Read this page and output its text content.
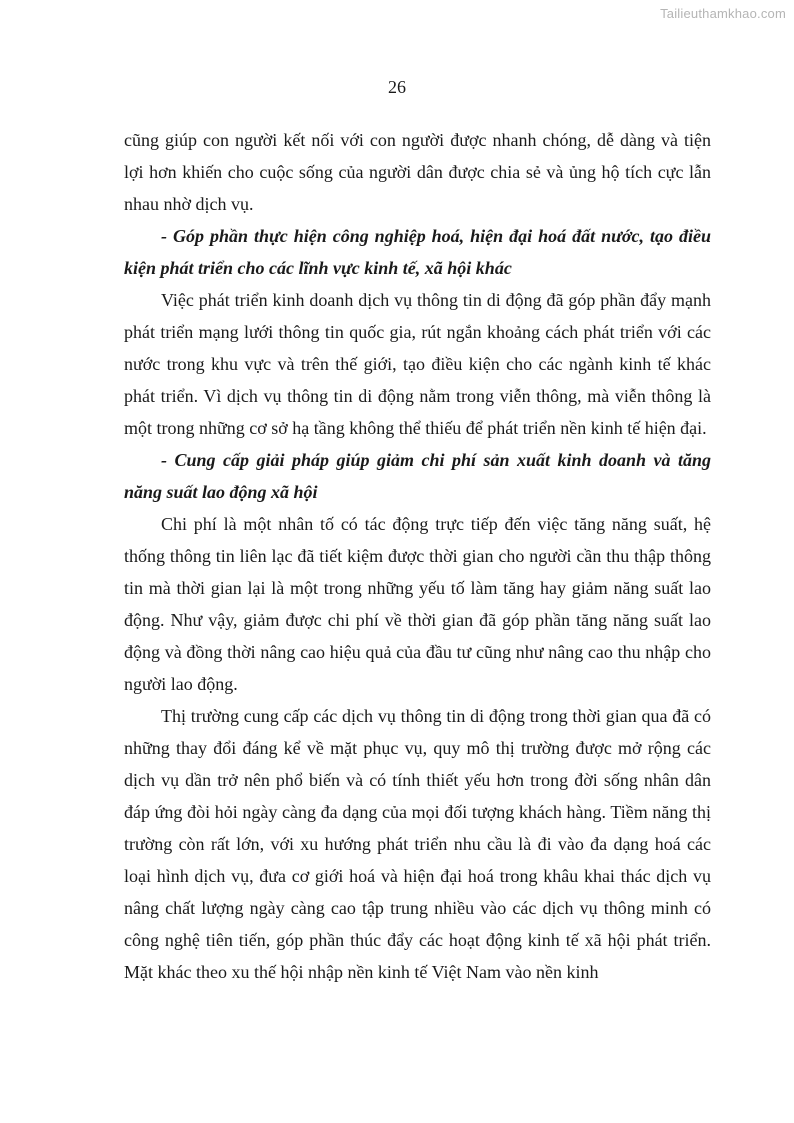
Tailieuthamkhao.com
26

cũng giúp con người kết nối với con người được nhanh chóng, dễ dàng và tiện lợi hơn khiến cho cuộc sống của người dân được chia sẻ và ủng hộ tích cực lẫn nhau nhờ dịch vụ.

- Góp phần thực hiện công nghiệp hoá, hiện đại hoá đất nước, tạo điều kiện phát triển cho các lĩnh vực kinh tế, xã hội khác

Việc phát triển kinh doanh dịch vụ thông tin di động đã góp phần đẩy mạnh phát triển mạng lưới thông tin quốc gia, rút ngắn khoảng cách phát triển với các nước trong khu vực và trên thế giới, tạo điều kiện cho các ngành kinh tế khác phát triển. Vì dịch vụ thông tin di động nằm trong viễn thông, mà viễn thông là một trong những cơ sở hạ tầng không thể thiếu để phát triển nền kinh tế hiện đại.

- Cung cấp giải pháp giúp giảm chi phí sản xuất kinh doanh và tăng năng suất lao động xã hội

Chi phí là một nhân tố có tác động trực tiếp đến việc tăng năng suất, hệ thống thông tin liên lạc đã tiết kiệm được thời gian cho người cần thu thập thông tin mà thời gian lại là một trong những yếu tố làm tăng hay giảm năng suất lao động. Như vậy, giảm được chi phí về thời gian đã góp phần tăng năng suất lao động và đồng thời nâng cao hiệu quả của đầu tư cũng như nâng cao thu nhập cho người lao động.

Thị trường cung cấp các dịch vụ thông tin di động trong thời gian qua đã có những thay đổi đáng kể về mặt phục vụ, quy mô thị trường được mở rộng các dịch vụ dần trở nên phổ biến và có tính thiết yếu hơn trong đời sống nhân dân đáp ứng đòi hỏi ngày càng đa dạng của mọi đối tượng khách hàng. Tiềm năng thị trường còn rất lớn, với xu hướng phát triển nhu cầu là đi vào đa dạng hoá các loại hình dịch vụ, đưa cơ giới hoá và hiện đại hoá trong khâu khai thác dịch vụ nâng chất lượng ngày càng cao tập trung nhiều vào các dịch vụ thông minh có công nghệ tiên tiến, góp phần thúc đẩy các hoạt động kinh tế xã hội phát triển. Mặt khác theo xu thế hội nhập nền kinh tế Việt Nam vào nền kinh
